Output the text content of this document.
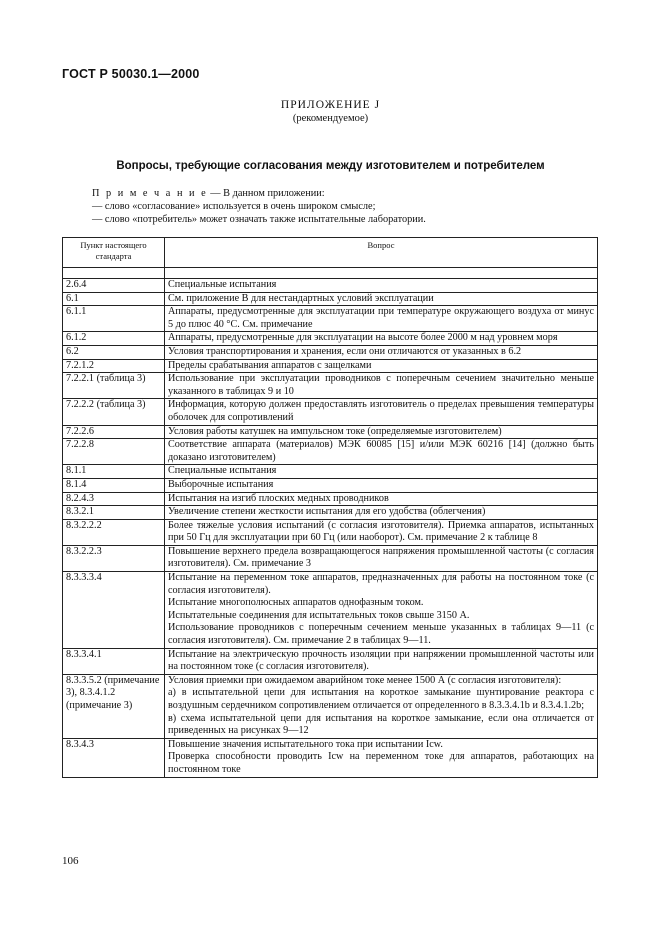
ГОСТ Р 50030.1—2000
ПРИЛОЖЕНИЕ J
(рекомендуемое)
Вопросы, требующие согласования между изготовителем и потребителем
П р и м е ч а н и е — В данном приложении:
— слово «согласование» используется в очень широком смысле;
— слово «потребитель» может означать также испытательные лаборатории.
Пункт настоящего стандарта	Вопрос

2.6.4	Специальные испытания

6.1	См. приложение В для нестандартных условий эксплуатации

6.1.1	Аппараты, предусмотренные для эксплуатации при температуре окружающего воздуха от минус 5 до плюс 40 °С. См. примечание

6.1.2	Аппараты, предусмотренные для эксплуатации на высоте более 2000 м над уровнем моря

6.2	Условия транспортирования и хранения, если они отличаются от указанных в 6.2

7.2.1.2	Пределы срабатывания аппаратов с защелками

7.2.2.1 (таблица 3)	Использование при эксплуатации проводников с поперечным сечением значительно меньше указанного в таблицах 9 и 10

7.2.2.2 (таблица 3)	Информация, которую должен предоставлять изготовитель о пределах превышения температуры оболочек для сопротивлений

7.2.2.6	Условия работы катушек на импульсном токе (определяемые изготовителем)

7.2.2.8	Соответствие аппарата (материалов) МЭК 60085 [15] и/или МЭК 60216 [14] (должно быть доказано изготовителем)

8.1.1	Специальные испытания

8.1.4	Выборочные испытания

8.2.4.3	Испытания на изгиб плоских медных проводников

8.3.2.1	Увеличение степени жесткости испытания для его удобства (облегчения)

8.3.2.2.2	Более тяжелые условия испытаний (с согласия изготовителя). Приемка аппаратов, испытанных при 50 Гц для эксплуатации при 60 Гц (или наоборот). См. примечание 2 к таблице 8

8.3.2.2.3	Повышение верхнего предела возвращающегося напряжения промышленной частоты (с согласия изготовителя). См. примечание 3

8.3.3.3.4	Испытание на переменном токе аппаратов, предназначенных для работы на постоянном токе (с согласия изготовителя).
Испытание многополюсных аппаратов однофазным током.
Испытательные соединения для испытательных токов свыше 3150 А.
Использование проводников с поперечным сечением меньше указанных в таблицах 9—11 (с согласия изготовителя). См. примечание 2 в таблицах 9—11.

8.3.3.4.1	Испытание на электрическую прочность изоляции при напряжении промышленной частоты или на постоянном токе (с согласия изготовителя).

8.3.3.5.2 (примечание 3), 8.3.4.1.2 (примечание 3)	Условия приемки при ожидаемом аварийном токе менее 1500 А (с согласия изготовителя):
а) в испытательной цепи для испытания на короткое замыкание шунтирование реактора с воздушным сердечником сопротивлением отличается от определенного в 8.3.3.4.1b и 8.3.4.1.2b;
в) схема испытательной цепи для испытания на короткое замыкание, если она отличается от приведенных на рисунках 9—12

8.3.4.3	Повышение значения испытательного тока при испытании Icw.
Проверка способности проводить Icw на переменном токе для аппаратов, работающих на постоянном токе
106
